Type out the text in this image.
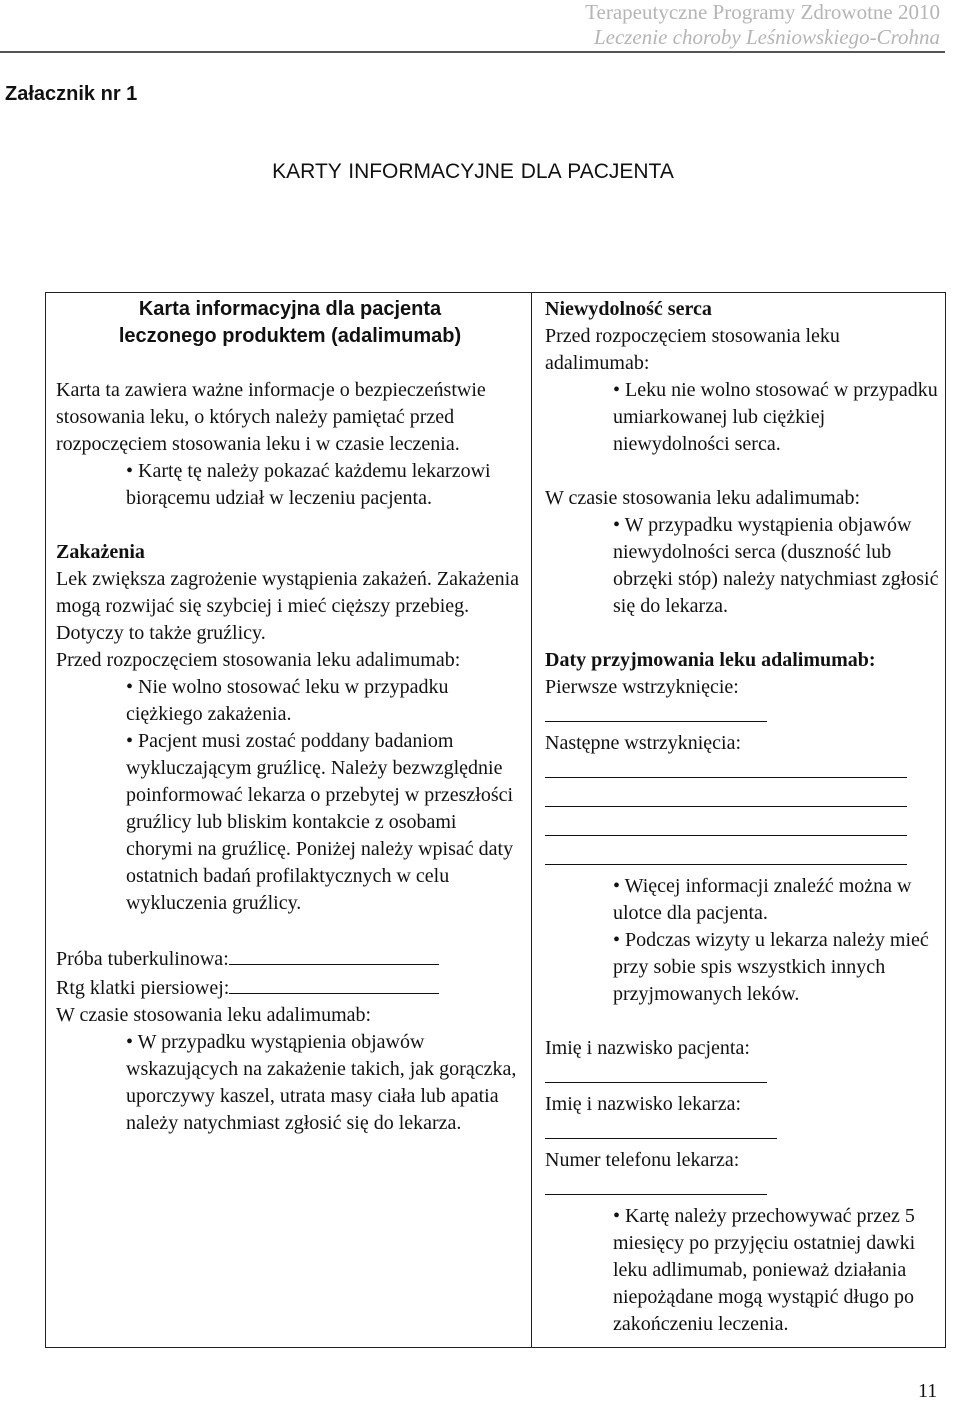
Terapeutyczne Programy Zdrowotne 2010
Leczenie choroby Leśniowskiego-Crohna
Załacznik nr 1
KARTY INFORMACYJNE DLA PACJENTA

Karta informacyjna dla pacjenta

leczonego produktem (adalimumab)

Karta ta zawiera ważne informacje o bezpieczeństwie stosowania leku, o których należy pamiętać przed rozpoczęciem stosowania leku i w czasie leczenia.

• Kartę tę należy pokazać każdemu lekarzowi biorącemu udział w leczeniu pacjenta.

Zakażenia

Lek zwiększa zagrożenie wystąpienia zakażeń. Zakażenia mogą rozwijać się szybciej i mieć cięższy przebieg. Dotyczy to także gruźlicy.

Przed rozpoczęciem stosowania leku adalimumab:

• Nie wolno stosować leku w przypadku ciężkiego zakażenia.

• Pacjent musi zostać poddany badaniom wykluczającym gruźlicę. Należy bezwzględnie poinformować lekarza o przebytej w przeszłości gruźlicy lub bliskim kontakcie z osobami chorymi na gruźlicę. Poniżej należy wpisać daty ostatnich badań profilaktycznych w celu wykluczenia gruźlicy.

Próba tuberkulinowa:

Rtg klatki piersiowej:

W czasie stosowania leku adalimumab:

• W przypadku wystąpienia objawów wskazujących na zakażenie takich, jak gorączka, uporczywy kaszel, utrata masy ciała lub apatia należy natychmiast zgłosić się do lekarza.

Niewydolność serca

Przed rozpoczęciem stosowania leku adalimumab:

• Leku nie wolno stosować w przypadku umiarkowanej lub ciężkiej niewydolności serca.

W czasie stosowania leku adalimumab:

• W przypadku wystąpienia objawów niewydolności serca (duszność lub obrzęki stóp) należy natychmiast zgłosić się do lekarza.

Daty przyjmowania leku adalimumab:

Pierwsze wstrzyknięcie:

Następne wstrzyknięcia:

• Więcej informacji znaleźć można w ulotce dla pacjenta.

• Podczas wizyty u lekarza należy mieć przy sobie spis wszystkich innych przyjmowanych leków.

Imię i nazwisko pacjenta:

Imię i nazwisko lekarza:

Numer telefonu lekarza:

• Kartę należy przechowywać przez 5 miesięcy po przyjęciu ostatniej dawki leku adlimumab, ponieważ działania niepożądane mogą wystąpić długo po zakończeniu leczenia.

11
